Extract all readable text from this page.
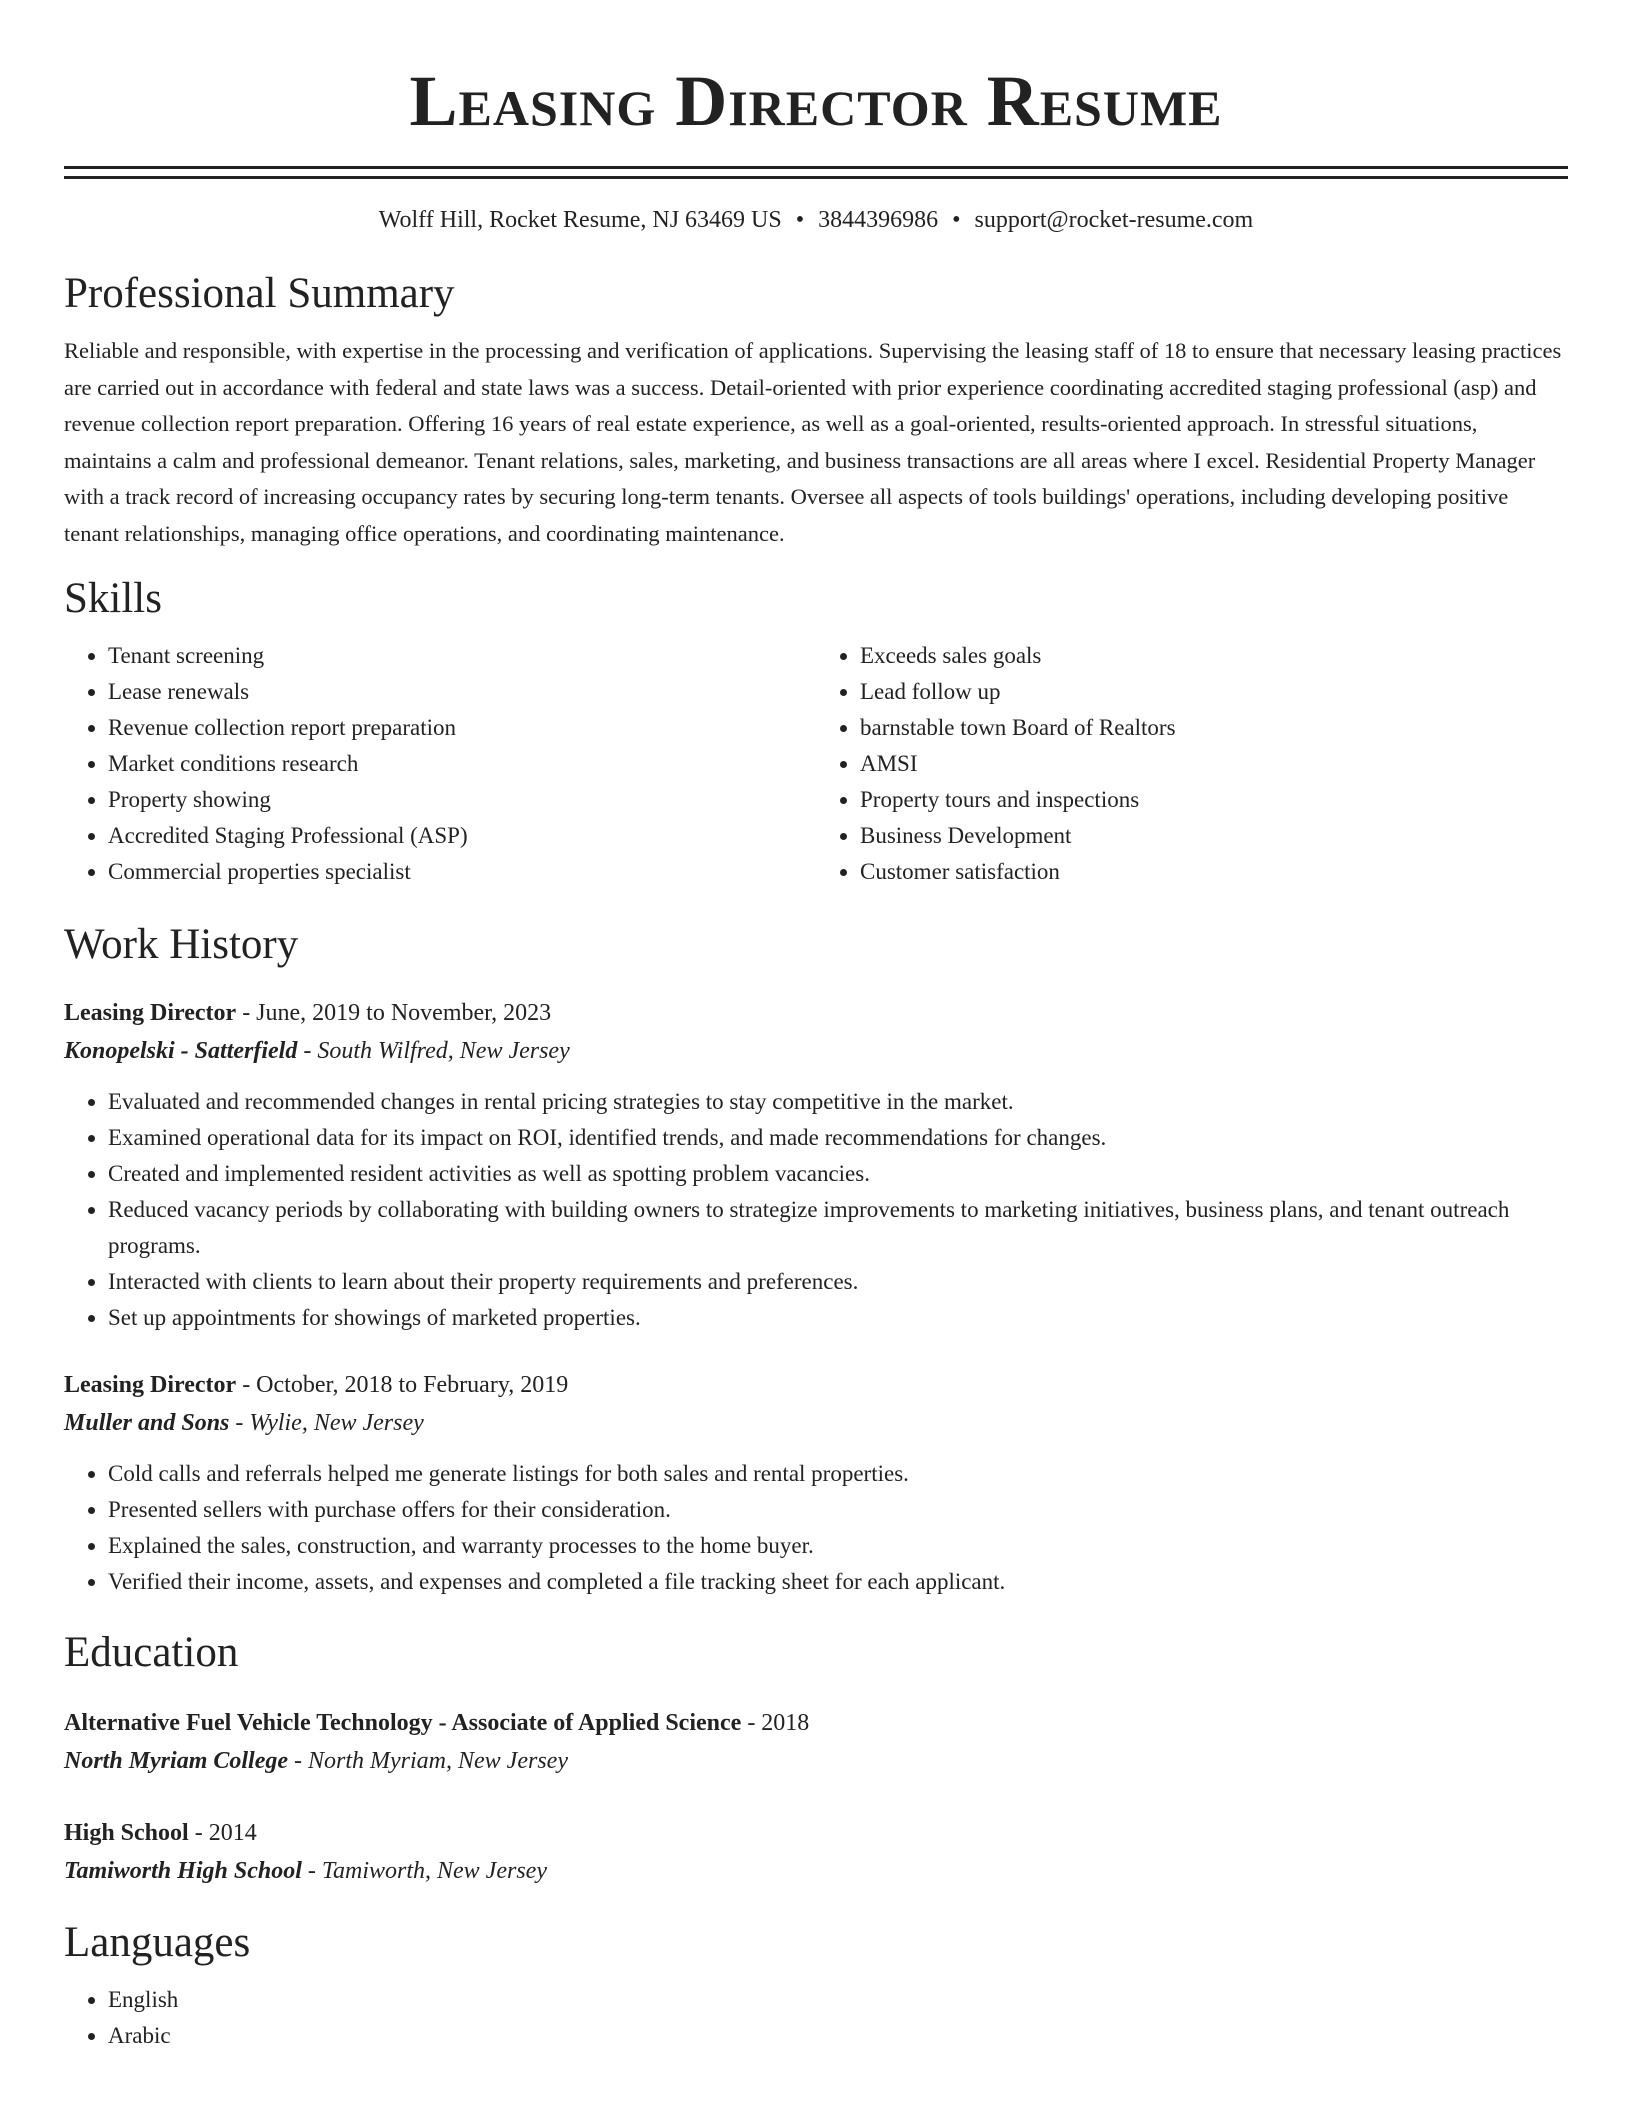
Leasing Director Resume
Wolff Hill, Rocket Resume, NJ 63469 US • 3844396986 • support@rocket-resume.com
Professional Summary
Reliable and responsible, with expertise in the processing and verification of applications. Supervising the leasing staff of 18 to ensure that necessary leasing practices are carried out in accordance with federal and state laws was a success. Detail-oriented with prior experience coordinating accredited staging professional (asp) and revenue collection report preparation. Offering 16 years of real estate experience, as well as a goal-oriented, results-oriented approach. In stressful situations, maintains a calm and professional demeanor. Tenant relations, sales, marketing, and business transactions are all areas where I excel. Residential Property Manager with a track record of increasing occupancy rates by securing long-term tenants. Oversee all aspects of tools buildings' operations, including developing positive tenant relationships, managing office operations, and coordinating maintenance.
Skills
• Tenant screening
• Lease renewals
• Revenue collection report preparation
• Market conditions research
• Property showing
• Accredited Staging Professional (ASP)
• Commercial properties specialist
• Exceeds sales goals
• Lead follow up
• barnstable town Board of Realtors
• AMSI
• Property tours and inspections
• Business Development
• Customer satisfaction
Work History
Leasing Director - June, 2019 to November, 2023
Konopelski - Satterfield - South Wilfred, New Jersey
• Evaluated and recommended changes in rental pricing strategies to stay competitive in the market.
• Examined operational data for its impact on ROI, identified trends, and made recommendations for changes.
• Created and implemented resident activities as well as spotting problem vacancies.
• Reduced vacancy periods by collaborating with building owners to strategize improvements to marketing initiatives, business plans, and tenant outreach programs.
• Interacted with clients to learn about their property requirements and preferences.
• Set up appointments for showings of marketed properties.
Leasing Director - October, 2018 to February, 2019
Muller and Sons - Wylie, New Jersey
• Cold calls and referrals helped me generate listings for both sales and rental properties.
• Presented sellers with purchase offers for their consideration.
• Explained the sales, construction, and warranty processes to the home buyer.
• Verified their income, assets, and expenses and completed a file tracking sheet for each applicant.
Education
Alternative Fuel Vehicle Technology - Associate of Applied Science - 2018
North Myriam College - North Myriam, New Jersey
High School - 2014
Tamiworth High School - Tamiworth, New Jersey
Languages
• English
• Arabic
